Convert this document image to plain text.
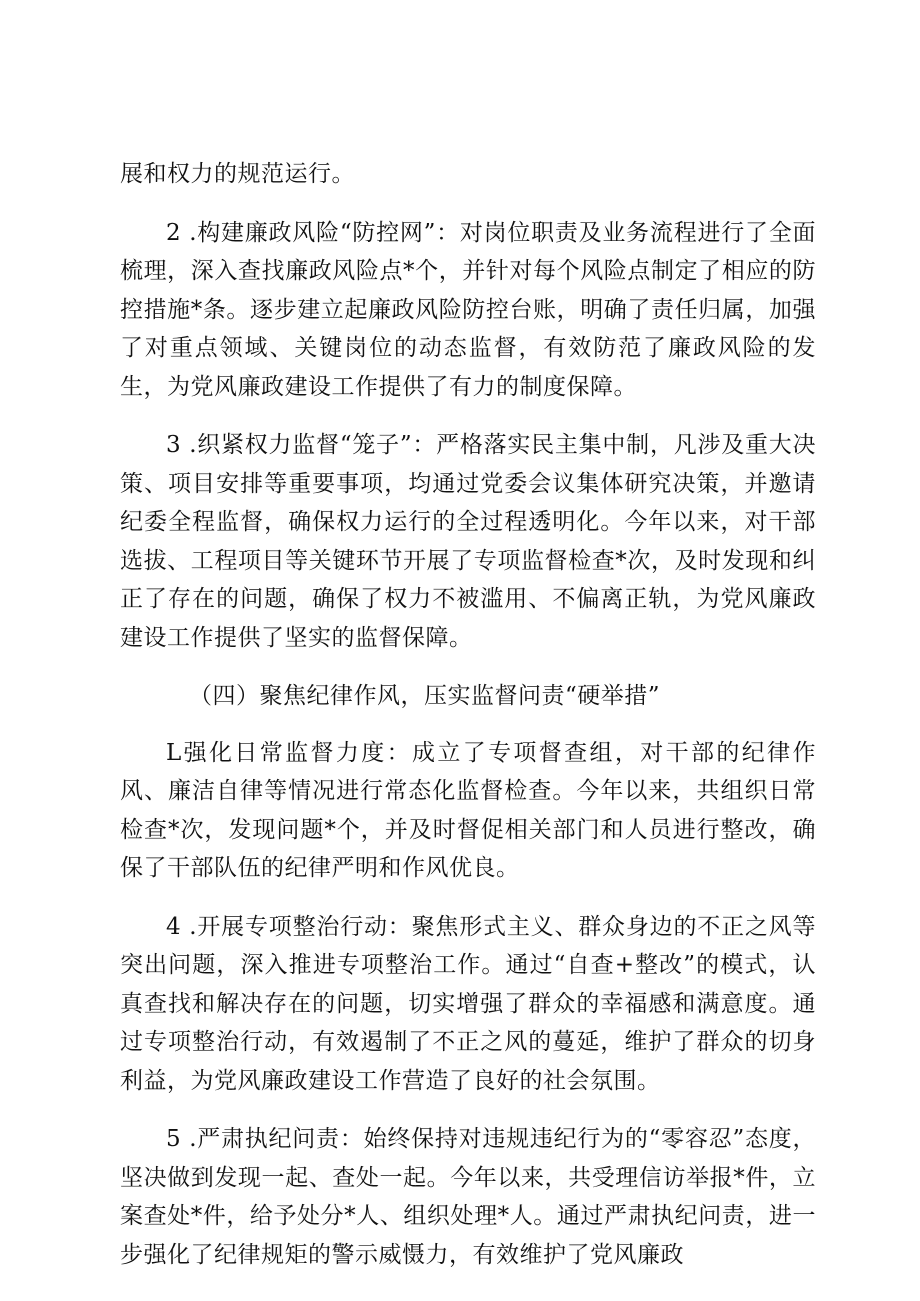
展和权力的规范运行。

2 .构建廉政风险“防控网”：对岗位职责及业务流程进行了全面梳理，深入查找廉政风险点*个，并针对每个风险点制定了相应的防控措施*条。逐步建立起廉政风险防控台账，明确了责任归属，加强了对重点领域、关键岗位的动态监督，有效防范了廉政风险的发生，为党风廉政建设工作提供了有力的制度保障。

3 .织紧权力监督“笼子”：严格落实民主集中制，凡涉及重大决策、项目安排等重要事项，均通过党委会议集体研究决策，并邀请纪委全程监督，确保权力运行的全过程透明化。今年以来，对干部选拔、工程项目等关键环节开展了专项监督检查*次，及时发现和纠正了存在的问题，确保了权力不被滥用、不偏离正轨，为党风廉政建设工作提供了坚实的监督保障。

（四）聚焦纪律作风，压实监督问责“硬举措”

L强化日常监督力度：成立了专项督查组，对干部的纪律作风、廉洁自律等情况进行常态化监督检查。今年以来，共组织日常检查*次，发现问题*个，并及时督促相关部门和人员进行整改，确保了干部队伍的纪律严明和作风优良。

4 .开展专项整治行动：聚焦形式主义、群众身边的不正之风等突出问题，深入推进专项整治工作。通过“自查+整改”的模式，认真查找和解决存在的问题，切实增强了群众的幸福感和满意度。通过专项整治行动，有效遏制了不正之风的蔓延，维护了群众的切身利益，为党风廉政建设工作营造了良好的社会氛围。

5 .严肃执纪问责：始终保持对违规违纪行为的“零容忍”态度，坚决做到发现一起、查处一起。今年以来，共受理信访举报*件，立案查处*件，给予处分*人、组织处理*人。通过严肃执纪问责，进一步强化了纪律规矩的警示威慑力，有效维护了党风廉政
